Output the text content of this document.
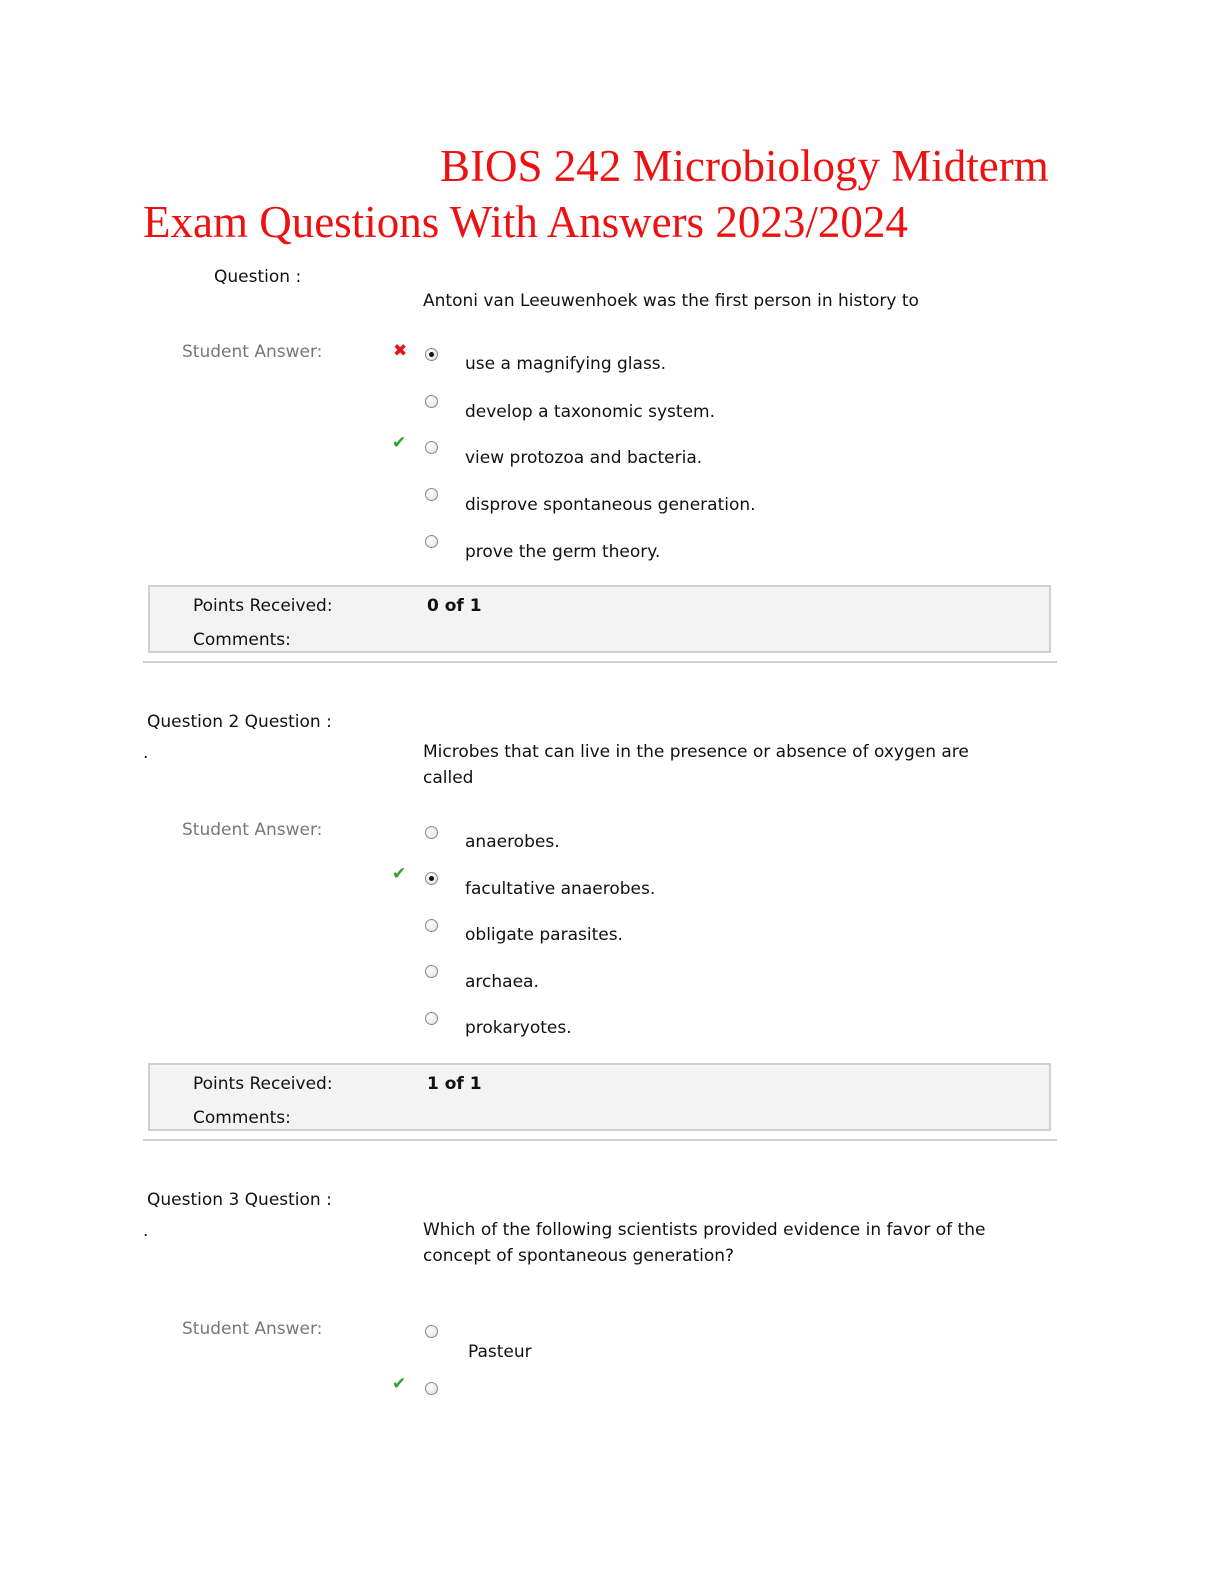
BIOS 242 Microbiology Midterm
Exam Questions With Answers 2023/2024
Question :
Antoni van Leeuwenhoek was the first person in history to
Student Answer:	✖
use a magnifying glass.
develop a taxonomic system.
✔
view protozoa and bacteria.
disprove spontaneous generation.
prove the germ theory.
Points Received:	0 of 1
Comments:
Question 2 Question :
.	Microbes that can live in the presence or absence of oxygen are called
Student Answer:
anaerobes.
✔
facultative anaerobes.
obligate parasites.
archaea.
prokaryotes.
Points Received:	1 of 1
Comments:
Question 3 Question :
.	Which of the following scientists provided evidence in favor of the concept of spontaneous generation?
Student Answer:
Pasteur
✔
